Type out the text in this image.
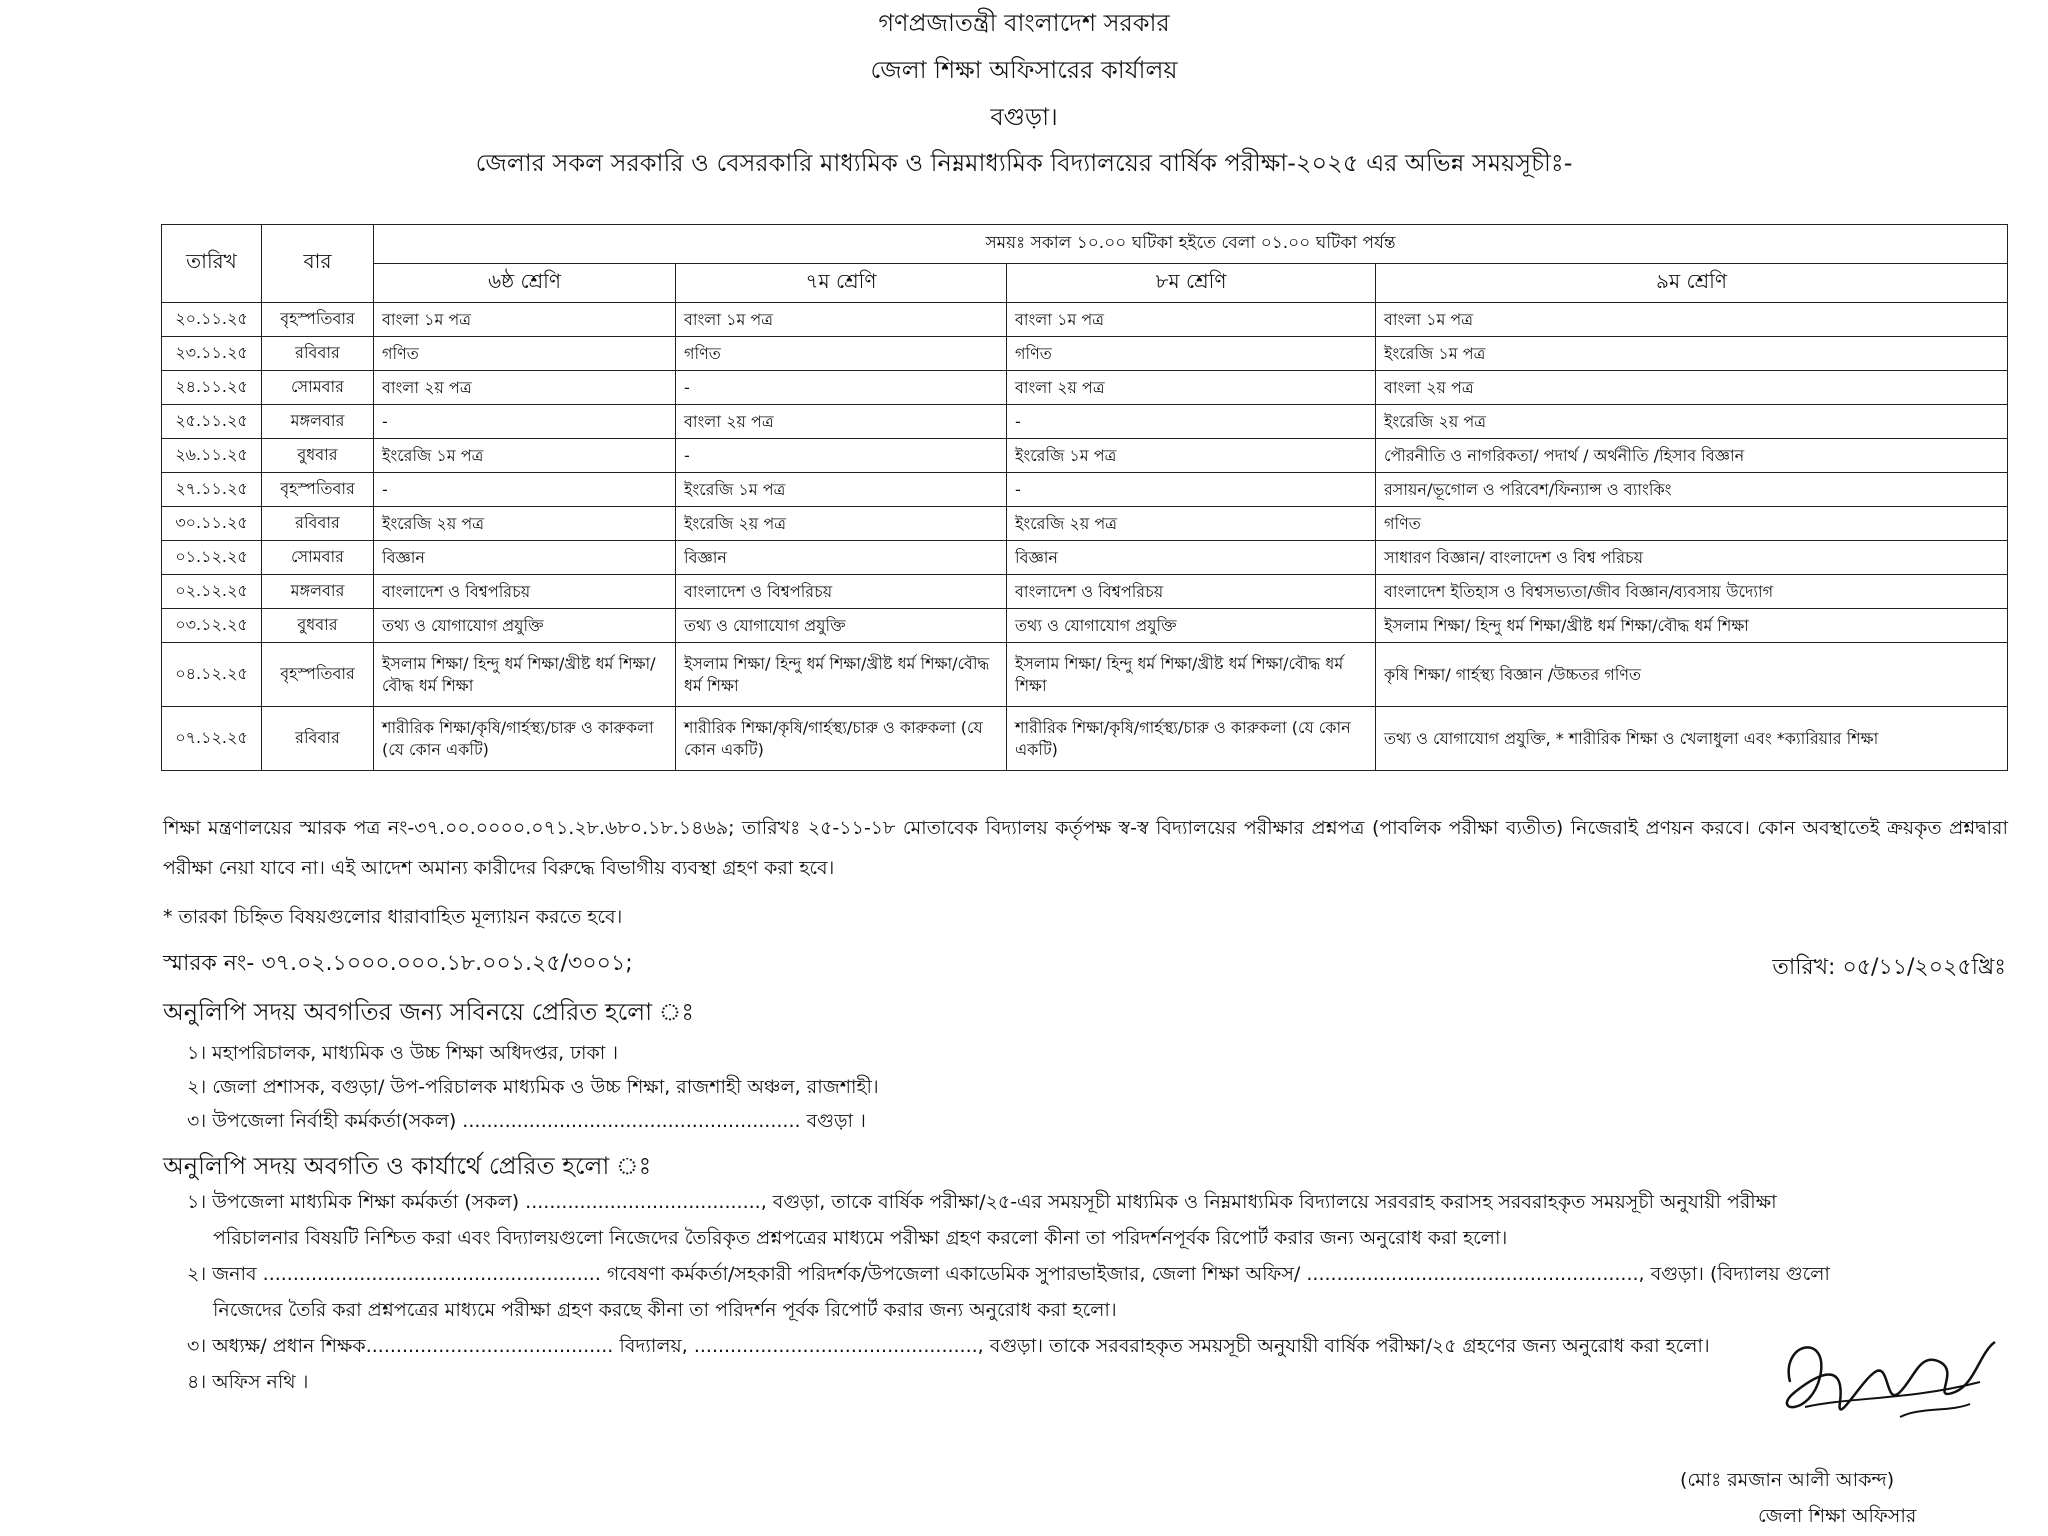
গণপ্রজাতন্ত্রী বাংলাদেশ সরকার
জেলা শিক্ষা অফিসারের কার্যালয়
বগুড়া।
জেলার সকল সরকারি ও বেসরকারি মাধ্যমিক ও নিম্নমাধ্যমিক বিদ্যালয়ের বার্ষিক পরীক্ষা-২০২৫ এর অভিন্ন সময়সূচীঃ-
তারিখ	বার	সময়ঃ সকাল ১০.০০ ঘটিকা হইতে বেলা ০১.০০ ঘটিকা পর্যন্ত			
		৬ষ্ঠ শ্রেণি	৭ম শ্রেণি	৮ম শ্রেণি	৯ম শ্রেণি
২০.১১.২৫	বৃহস্পতিবার	বাংলা ১ম পত্র	বাংলা ১ম পত্র	বাংলা ১ম পত্র	বাংলা ১ম পত্র
২৩.১১.২৫	রবিবার	গণিত	গণিত	গণিত	ইংরেজি ১ম পত্র
২৪.১১.২৫	সোমবার	বাংলা ২য় পত্র	-	বাংলা ২য় পত্র	বাংলা ২য় পত্র
২৫.১১.২৫	মঙ্গলবার	-	বাংলা ২য় পত্র	-	ইংরেজি ২য় পত্র
২৬.১১.২৫	বুধবার	ইংরেজি ১ম পত্র	-	ইংরেজি ১ম পত্র	পৌরনীতি ও নাগরিকতা/ পদার্থ / অর্থনীতি /হিসাব বিজ্ঞান
২৭.১১.২৫	বৃহস্পতিবার	-	ইংরেজি ১ম পত্র	-	রসায়ন/ভূগোল ও পরিবেশ/ফিন্যান্স ও ব্যাংকিং
৩০.১১.২৫	রবিবার	ইংরেজি ২য় পত্র	ইংরেজি ২য় পত্র	ইংরেজি ২য় পত্র	গণিত
০১.১২.২৫	সোমবার	বিজ্ঞান	বিজ্ঞান	বিজ্ঞান	সাধারণ বিজ্ঞান/ বাংলাদেশ ও বিশ্ব পরিচয়
০২.১২.২৫	মঙ্গলবার	বাংলাদেশ ও বিশ্বপরিচয়	বাংলাদেশ ও বিশ্বপরিচয়	বাংলাদেশ ও বিশ্বপরিচয়	বাংলাদেশ ইতিহাস ও বিশ্বসভ্যতা/জীব বিজ্ঞান/ব্যবসায় উদ্যোগ
০৩.১২.২৫	বুধবার	তথ্য ও যোগাযোগ প্রযুক্তি	তথ্য ও যোগাযোগ প্রযুক্তি	তথ্য ও যোগাযোগ প্রযুক্তি	ইসলাম শিক্ষা/ হিন্দু ধর্ম শিক্ষা/খ্রীষ্ট ধর্ম শিক্ষা/বৌদ্ধ ধর্ম শিক্ষা
০৪.১২.২৫	বৃহস্পতিবার	ইসলাম শিক্ষা/ হিন্দু ধর্ম শিক্ষা/খ্রীষ্ট ধর্ম শিক্ষা/বৌদ্ধ ধর্ম শিক্ষা	ইসলাম শিক্ষা/ হিন্দু ধর্ম শিক্ষা/খ্রীষ্ট ধর্ম শিক্ষা/বৌদ্ধ ধর্ম শিক্ষা	ইসলাম শিক্ষা/ হিন্দু ধর্ম শিক্ষা/খ্রীষ্ট ধর্ম শিক্ষা/বৌদ্ধ ধর্ম শিক্ষা	কৃষি শিক্ষা/ গার্হস্থ্য বিজ্ঞান /উচ্চতর গণিত
০৭.১২.২৫	রবিবার	শারীরিক শিক্ষা/কৃষি/গার্হস্থ্য/চারু ও কারুকলা (যে কোন একটি)	শারীরিক শিক্ষা/কৃষি/গার্হস্থ্য/চারু ও কারুকলা (যে কোন একটি)	শারীরিক শিক্ষা/কৃষি/গার্হস্থ্য/চারু ও কারুকলা (যে কোন একটি)	তথ্য ও যোগাযোগ প্রযুক্তি, * শারীরিক শিক্ষা ও খেলাধুলা এবং *ক্যারিয়ার শিক্ষা
শিক্ষা মন্ত্রণালয়ের স্মারক পত্র নং-৩৭.০০.০০০০.০৭১.২৮.৬৮০.১৮.১৪৬৯; তারিখঃ ২৫-১১-১৮ মোতাবেক বিদ্যালয় কর্তৃপক্ষ স্ব-স্ব বিদ্যালয়ের পরীক্ষার প্রশ্নপত্র (পাবলিক পরীক্ষা ব্যতীত) নিজেরাই প্রণয়ন করবে। কোন অবস্থাতেই ক্রয়কৃত প্রশ্নদ্বারা পরীক্ষা নেয়া যাবে না। এই আদেশ অমান্য কারীদের বিরুদ্ধে বিভাগীয় ব্যবস্থা গ্রহণ করা হবে।
* তারকা চিহ্নিত বিষয়গুলোর ধারাবাহিত মূল্যায়ন করতে হবে।
স্মারক নং- ৩৭.০২.১০০০.০০০.১৮.০০১.২৫/৩০০১;	তারিখ: ০৫/১১/২০২৫খ্রিঃ
অনুলিপি সদয় অবগতির জন্য সবিনয়ে প্রেরিত হলো ঃ
১। মহাপরিচালক, মাধ্যমিক ও উচ্চ শিক্ষা অধিদপ্তর, ঢাকা ।
২। জেলা প্রশাসক, বগুড়া/ উপ-পরিচালক মাধ্যমিক ও উচ্চ শিক্ষা, রাজশাহী অঞ্চল, রাজশাহী।
৩। উপজেলা নির্বাহী কর্মকর্তা(সকল) ........................................................ বগুড়া ।
অনুলিপি সদয় অবগতি ও কার্যার্থে প্রেরিত হলো ঃ
১। উপজেলা মাধ্যমিক শিক্ষা কর্মকর্তা (সকল) ......................................., বগুড়া, তাকে বার্ষিক পরীক্ষা/২৫-এর সময়সূচী মাধ্যমিক ও নিম্নমাধ্যমিক বিদ্যালয়ে সরবরাহ করাসহ সরবরাহকৃত সময়সূচী অনুযায়ী পরীক্ষা
পরিচালনার বিষয়টি নিশ্চিত করা এবং বিদ্যালয়গুলো নিজেদের তৈরিকৃত প্রশ্নপত্রের মাধ্যমে পরীক্ষা গ্রহণ করলো কীনা তা পরিদর্শনপূর্বক রিপোর্ট করার জন্য অনুরোধ করা হলো।
২। জনাব ........................................................ গবেষণা কর্মকর্তা/সহকারী পরিদর্শক/উপজেলা একাডেমিক সুপারভাইজার, জেলা শিক্ষা অফিস/ ......................................................., বগুড়া। (বিদ্যালয় গুলো
নিজেদের তৈরি করা প্রশ্নপত্রের মাধ্যমে পরীক্ষা গ্রহণ করছে কীনা তা পরিদর্শন পূর্বক রিপোর্ট করার জন্য অনুরোধ করা হলো।
৩। অধ্যক্ষ/ প্রধান শিক্ষক......................................... বিদ্যালয়, ..............................................., বগুড়া। তাকে সরবরাহকৃত সময়সূচী অনুযায়ী বার্ষিক পরীক্ষা/২৫ গ্রহণের জন্য অনুরোধ করা হলো।
৪। অফিস নথি ।
(মোঃ রমজান আলী আকন্দ)
জেলা শিক্ষা অফিসার
